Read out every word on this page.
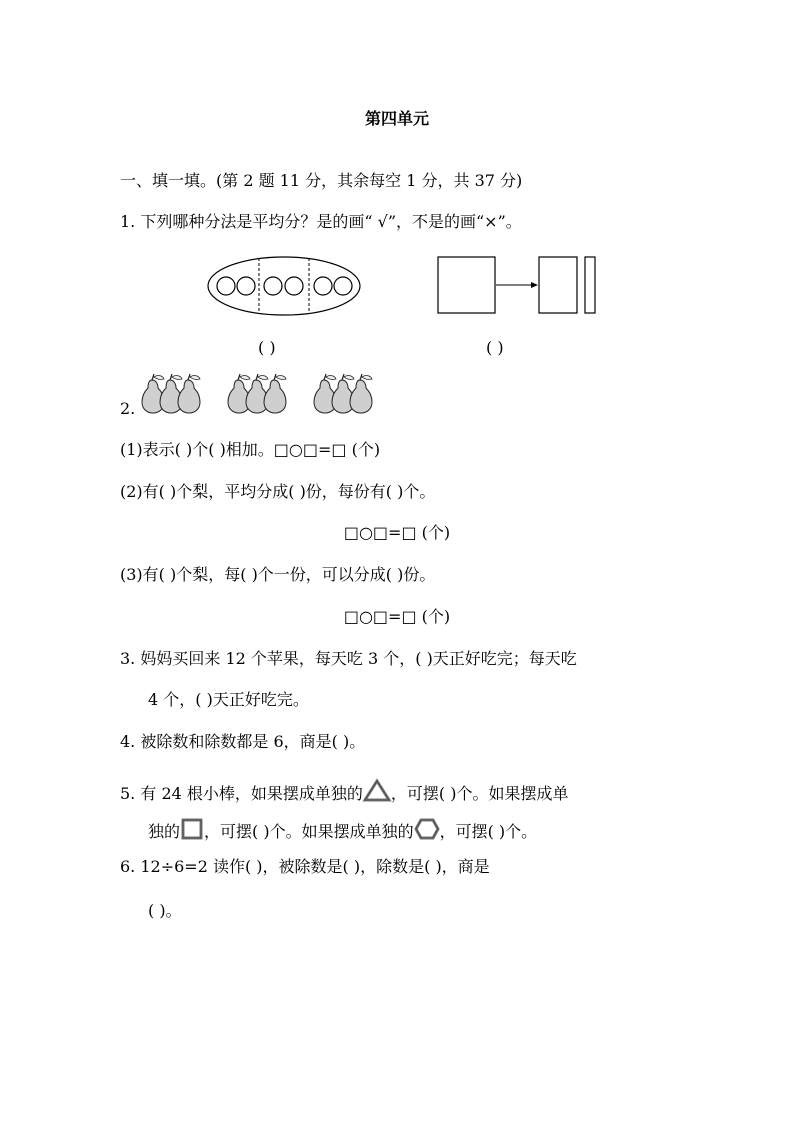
第四单元
一、填一填。(第 2 题 11 分，其余每空 1 分，共 37 分)
1. 下列哪种分法是平均分？是的画“ √”，不是的画“×”。
( )	( )
2.
(1)表示( )个( )相加。□○□=□ (个)
(2)有( )个梨，平均分成( )份，每份有( )个。
□○□=□ (个)
(3)有( )个梨，每( )个一份，可以分成( )份。
□○□=□ (个)
3. 妈妈买回来 12 个苹果，每天吃 3 个，( )天正好吃完；每天吃
4 个，( )天正好吃完。
4. 被除数和除数都是 6，商是( )。
5. 有 24 根小棒，如果摆成单独的 ，可摆( )个。如果摆成单
独的 ，可摆( )个。如果摆成单独的 ，可摆( )个。
6. 12÷6=2 读作( )，被除数是( )，除数是( )，商是
( )。
